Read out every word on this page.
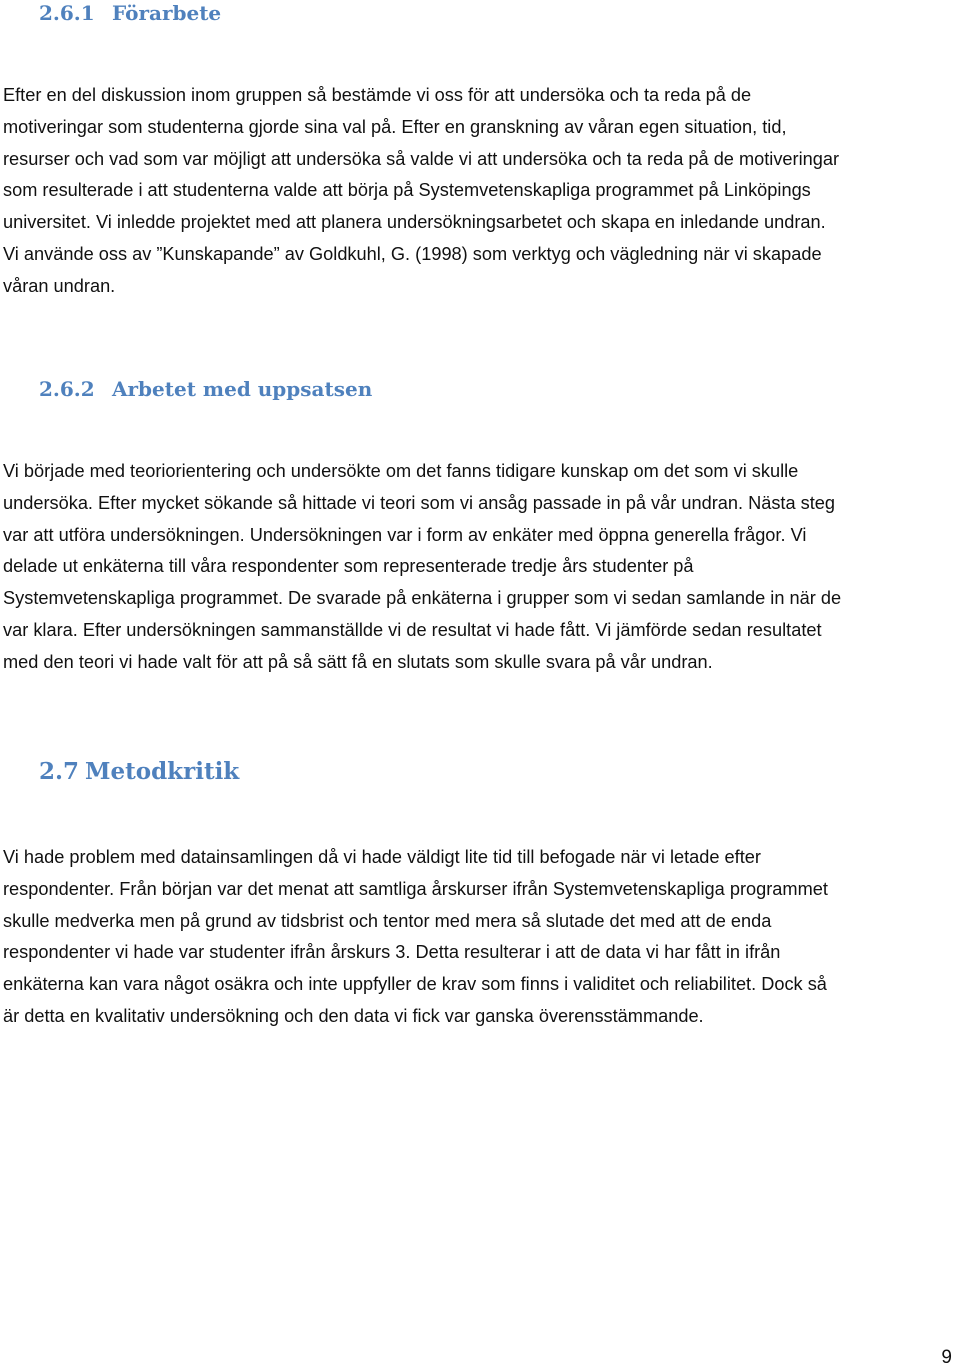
2.6.1 Förarbete

Efter en del diskussion inom gruppen så bestämde vi oss för att undersöka och ta reda på de
motiveringar som studenterna gjorde sina val på. Efter en granskning av våran egen situation, tid,
resurser och vad som var möjligt att undersöka så valde vi att undersöka och ta reda på de motiveringar
som resulterade i att studenterna valde att börja på Systemvetenskapliga programmet på Linköpings
universitet. Vi inledde projektet med att planera undersökningsarbetet och skapa en inledande undran.
Vi använde oss av ”Kunskapande” av Goldkuhl, G. (1998) som verktyg och vägledning när vi skapade
våran undran.

2.6.2 Arbetet med uppsatsen

Vi började med teoriorientering och undersökte om det fanns tidigare kunskap om det som vi skulle
undersöka. Efter mycket sökande så hittade vi teori som vi ansåg passade in på vår undran. Nästa steg
var att utföra undersökningen. Undersökningen var i form av enkäter med öppna generella frågor. Vi
delade ut enkäterna till våra respondenter som representerade tredje års studenter på
Systemvetenskapliga programmet. De svarade på enkäterna i grupper som vi sedan samlande in när de
var klara. Efter undersökningen sammanställde vi de resultat vi hade fått. Vi jämförde sedan resultatet
med den teori vi hade valt för att på så sätt få en slutats som skulle svara på vår undran.

2.7 Metodkritik

Vi hade problem med datainsamlingen då vi hade väldigt lite tid till befogade när vi letade efter
respondenter. Från början var det menat att samtliga årskurser ifrån Systemvetenskapliga programmet
skulle medverka men på grund av tidsbrist och tentor med mera så slutade det med att de enda
respondenter vi hade var studenter ifrån årskurs 3. Detta resulterar i att de data vi har fått in ifrån
enkäterna kan vara något osäkra och inte uppfyller de krav som finns i validitet och reliabilitet. Dock så
är detta en kvalitativ undersökning och den data vi fick var ganska överensstämmande.

9
